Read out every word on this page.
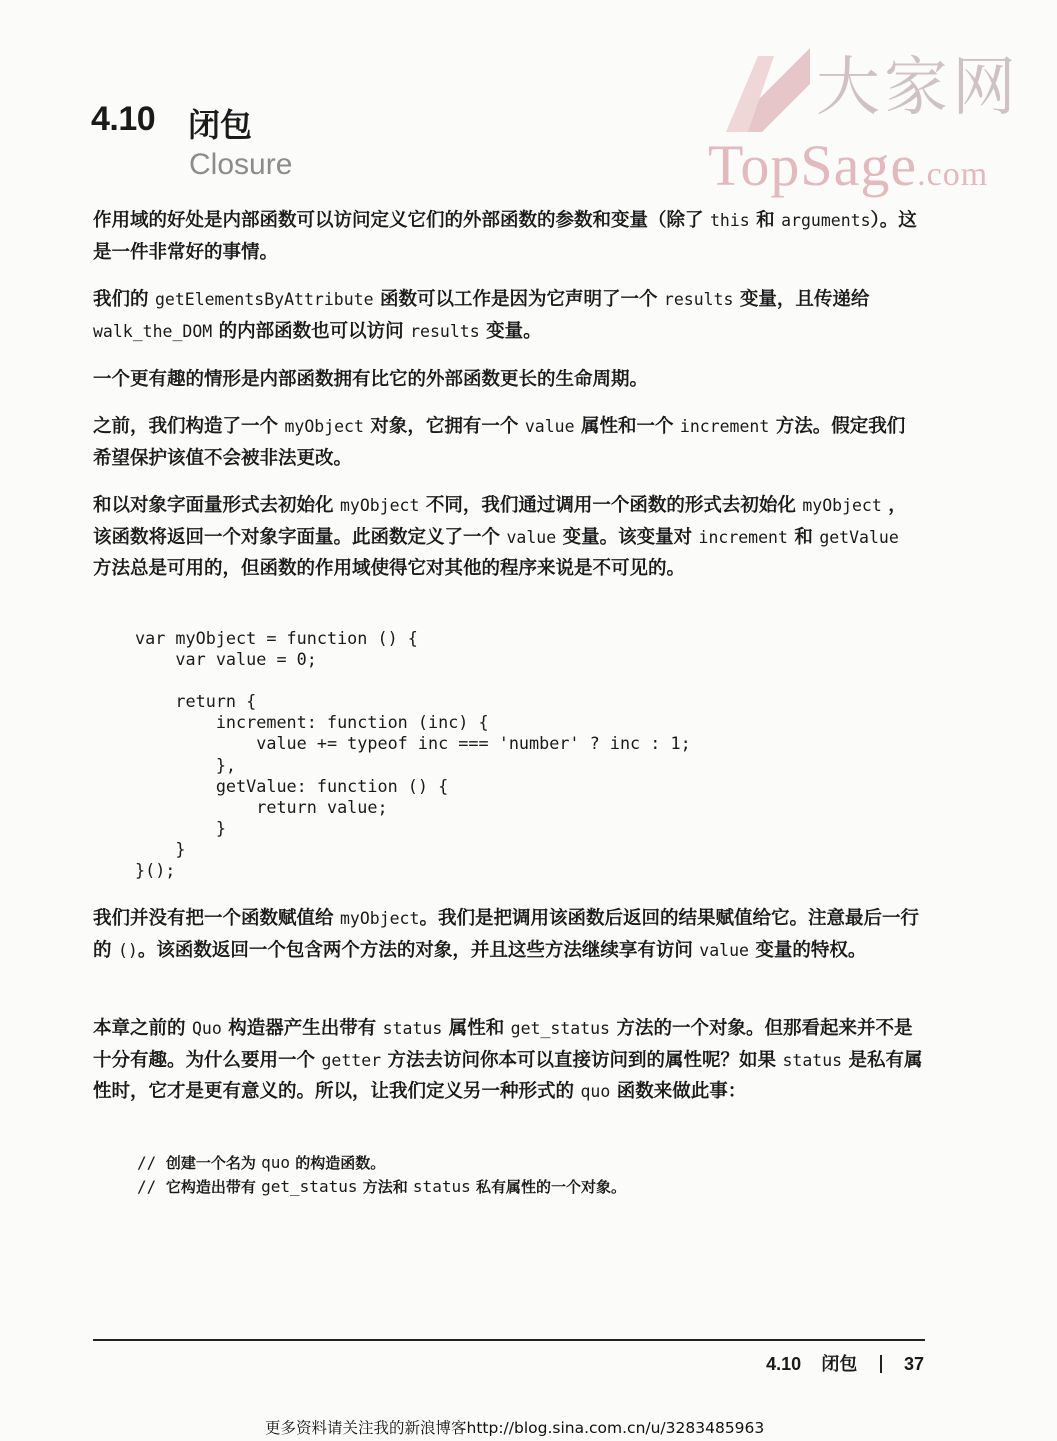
大家网
TopSage.com
4.10 闭包
Closure

作用域的好处是内部函数可以访问定义它们的外部函数的参数和变量（除了 this 和 arguments）。这是一件非常好的事情。

我们的 getElementsByAttribute 函数可以工作是因为它声明了一个 results 变量，且传递给 walk_the_DOM 的内部函数也可以访问 results 变量。

一个更有趣的情形是内部函数拥有比它的外部函数更长的生命周期。

之前，我们构造了一个 myObject 对象，它拥有一个 value 属性和一个 increment 方法。假定我们希望保护该值不会被非法更改。

和以对象字面量形式去初始化 myObject 不同，我们通过调用一个函数的形式去初始化 myObject ，该函数将返回一个对象字面量。此函数定义了一个 value 变量。该变量对 increment 和 getValue 方法总是可用的，但函数的作用域使得它对其他的程序来说是不可见的。

var myObject = function () {
var value = 0;

return {
increment: function (inc) {
value += typeof inc === 'number' ? inc : 1;
},
getValue: function () {
return value;
}
}
}();

我们并没有把一个函数赋值给 myObject。我们是把调用该函数后返回的结果赋值给它。注意最后一行的 ()。该函数返回一个包含两个方法的对象，并且这些方法继续享有访问 value 变量的特权。

本章之前的 Quo 构造器产生出带有 status 属性和 get_status 方法的一个对象。但那看起来并不是十分有趣。为什么要用一个 getter 方法去访问你本可以直接访问到的属性呢？如果 status 是私有属性时，它才是更有意义的。所以，让我们定义另一种形式的 quo 函数来做此事：

// 创建一个名为 quo 的构造函数。
// 它构造出带有 get_status 方法和 status 私有属性的一个对象。
4.10 闭包	37
更多资料请关注我的新浪博客http://blog.sina.com.cn/u/3283485963
